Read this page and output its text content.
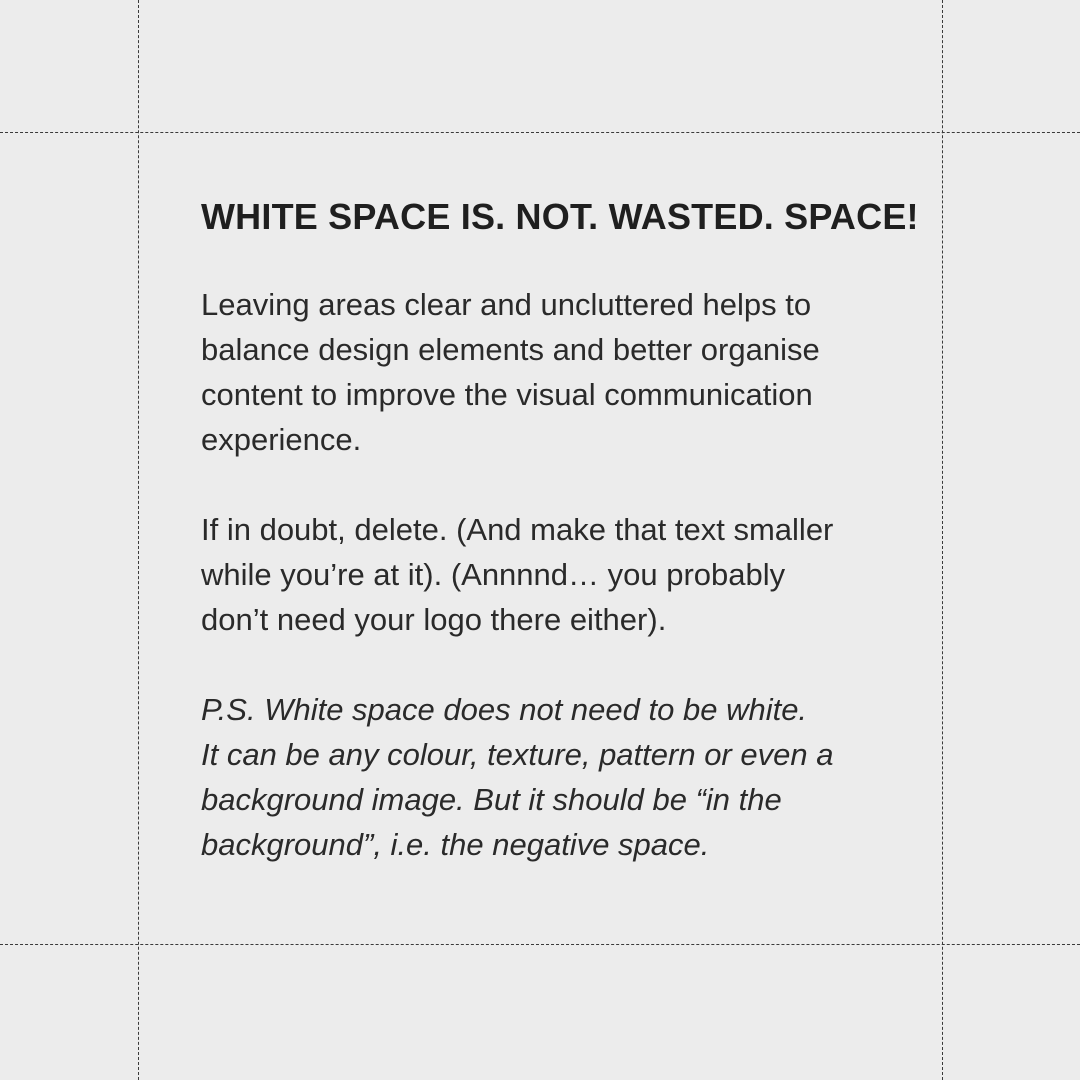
WHITE SPACE IS. NOT. WASTED. SPACE!

Leaving areas clear and uncluttered helps to
balance design elements and better organise
content to improve the visual communication
experience.

If in doubt, delete. (And make that text smaller
while you’re at it). (Annnnd… you probably
don’t need your logo there either).

P.S. White space does not need to be white.
It can be any colour, texture, pattern or even a
background image. But it should be “in the
background”, i.e. the negative space.
